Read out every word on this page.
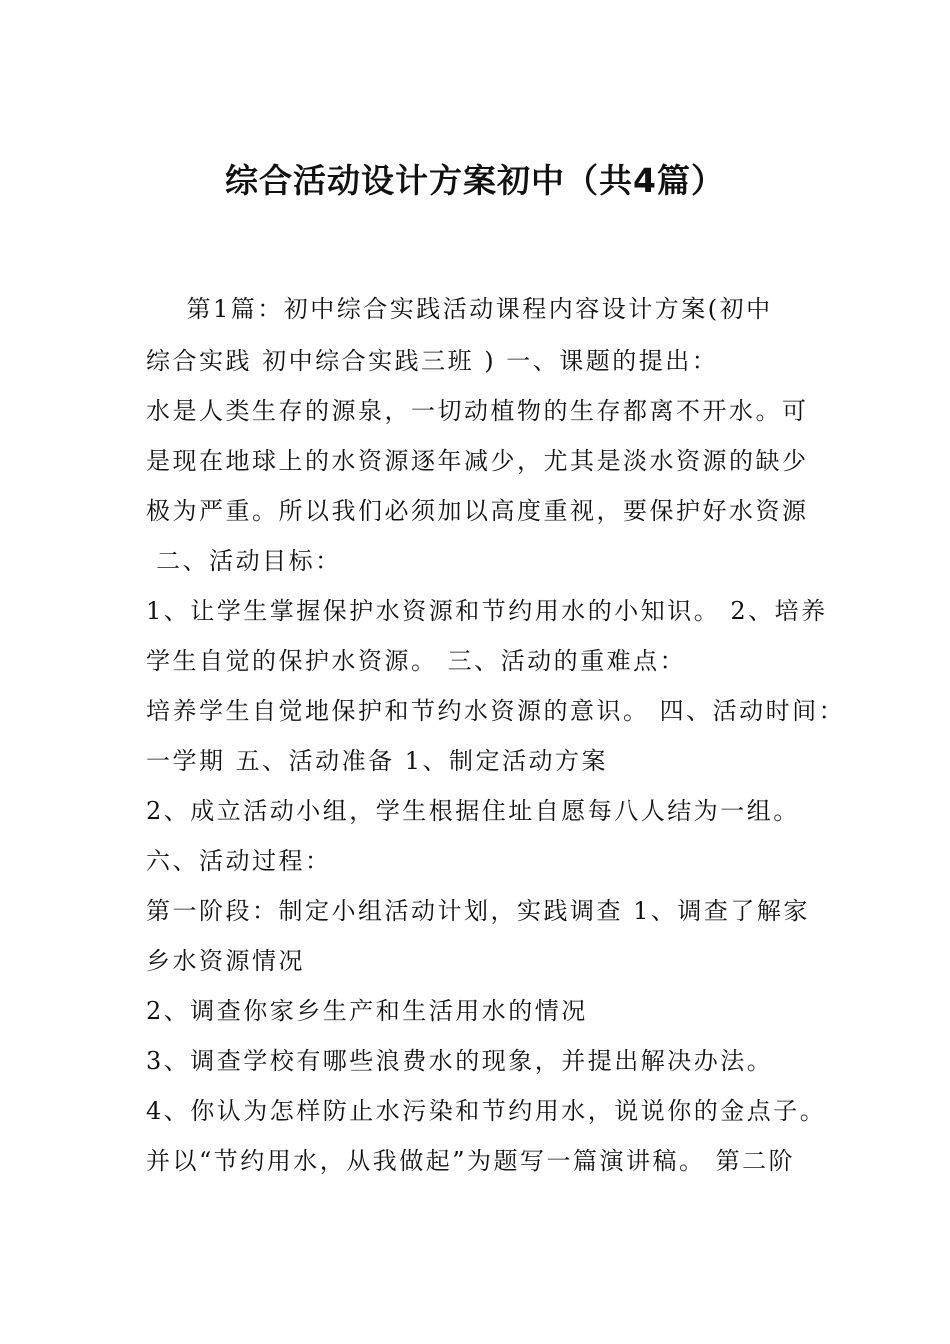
综合活动设计方案初中（共4篇）
第1篇：初中综合实践活动课程内容设计方案(初中
综合实践 初中综合实践三班 ) 一、课题的提出：
水是人类生存的源泉，一切动植物的生存都离不开水。可
是现在地球上的水资源逐年减少，尤其是淡水资源的缺少
极为严重。所以我们必须加以高度重视，要保护好水资源
二、活动目标：
1、让学生掌握保护水资源和节约用水的小知识。 2、培养
学生自觉的保护水资源。 三、活动的重难点：
培养学生自觉地保护和节约水资源的意识。 四、活动时间：
一学期 五、活动准备 1、制定活动方案
2、成立活动小组，学生根据住址自愿每八人结为一组。
六、活动过程：
第一阶段：制定小组活动计划，实践调查 1、调查了解家
乡水资源情况
2、调查你家乡生产和生活用水的情况
3、调查学校有哪些浪费水的现象，并提出解决办法。
4、你认为怎样防止水污染和节约用水，说说你的金点子。
并以“节约用水，从我做起”为题写一篇演讲稿。 第二阶
